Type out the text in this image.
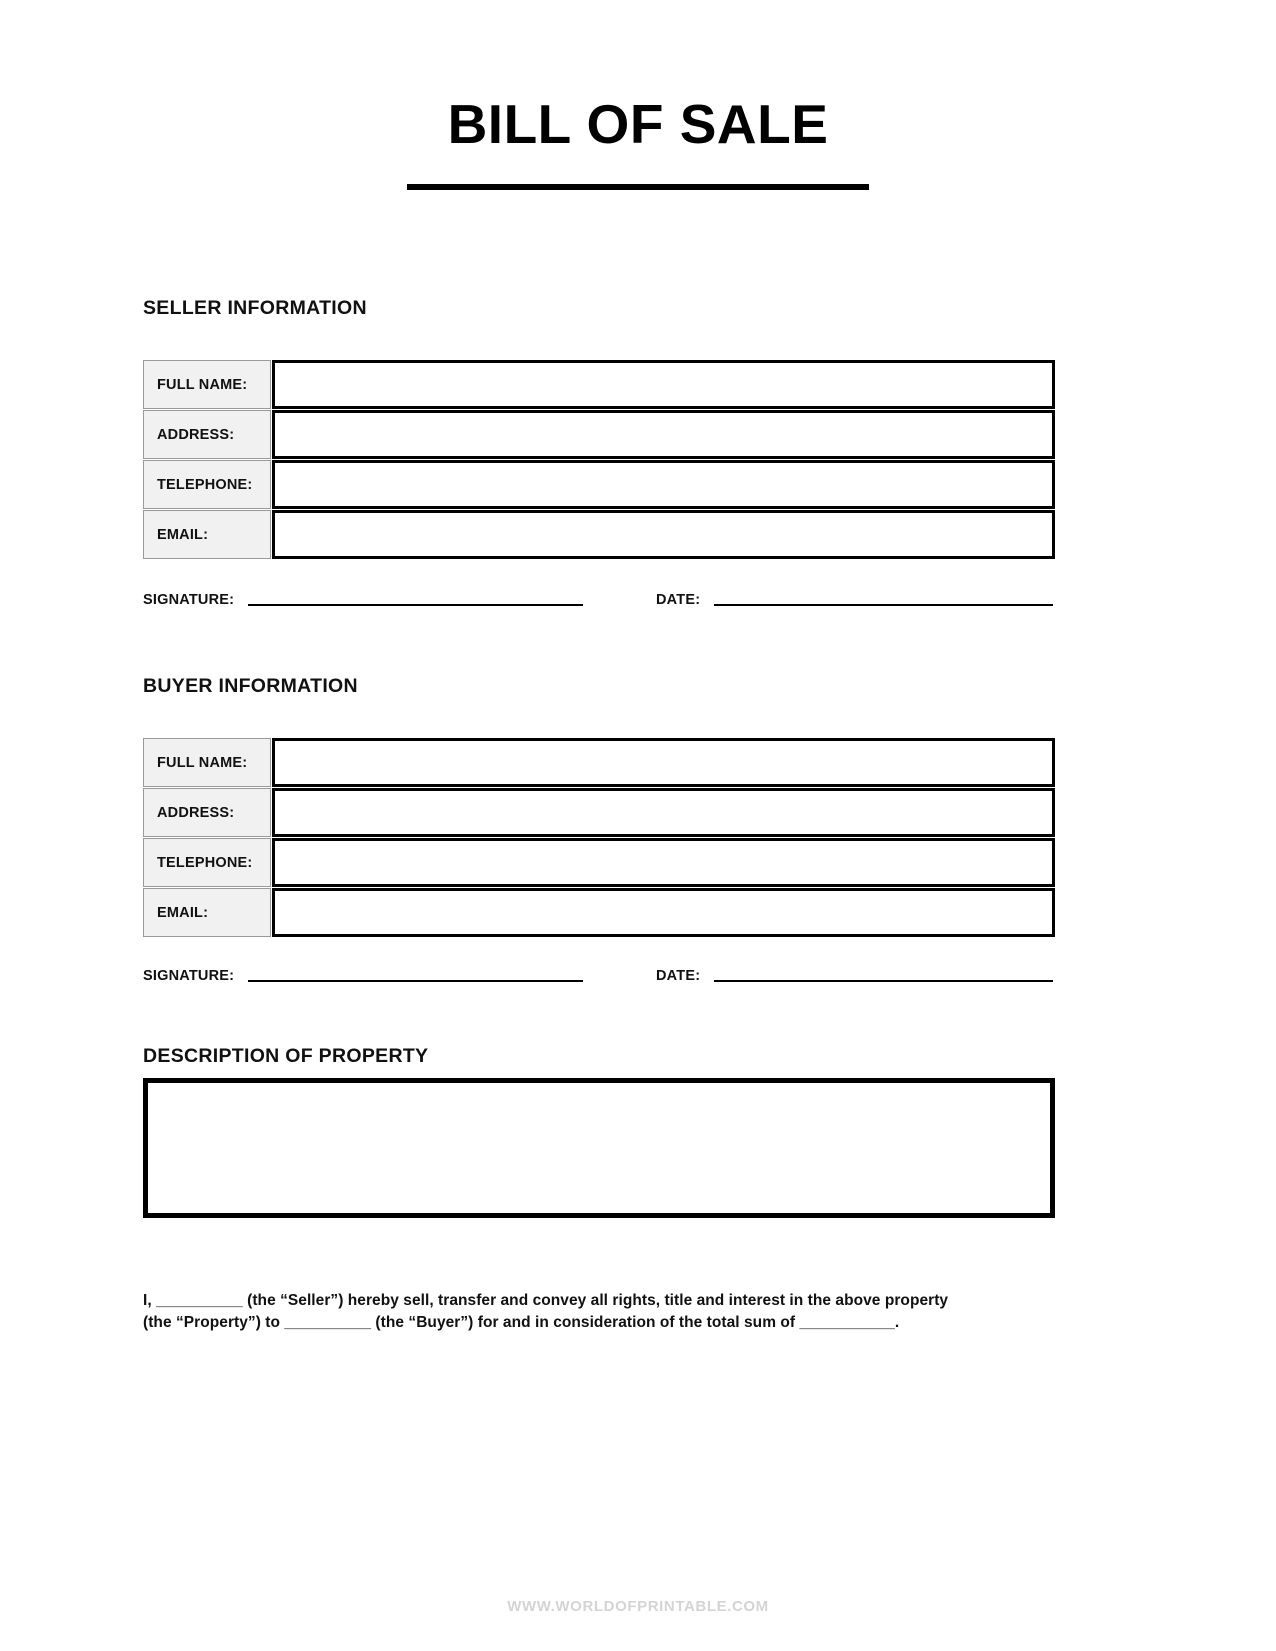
BILL OF SALE
SELLER INFORMATION
FULL NAME:
ADDRESS:
TELEPHONE:
EMAIL:
SIGNATURE:	DATE:
BUYER INFORMATION
FULL NAME:
ADDRESS:
TELEPHONE:
EMAIL:
SIGNATURE:	DATE:
DESCRIPTION OF PROPERTY
I, __________ (the “Seller”) hereby sell, transfer and convey all rights, title and interest in the above property
(the “Property”) to __________ (the “Buyer”) for and in consideration of the total sum of ___________.
WWW.WORLDOFPRINTABLE.COM
